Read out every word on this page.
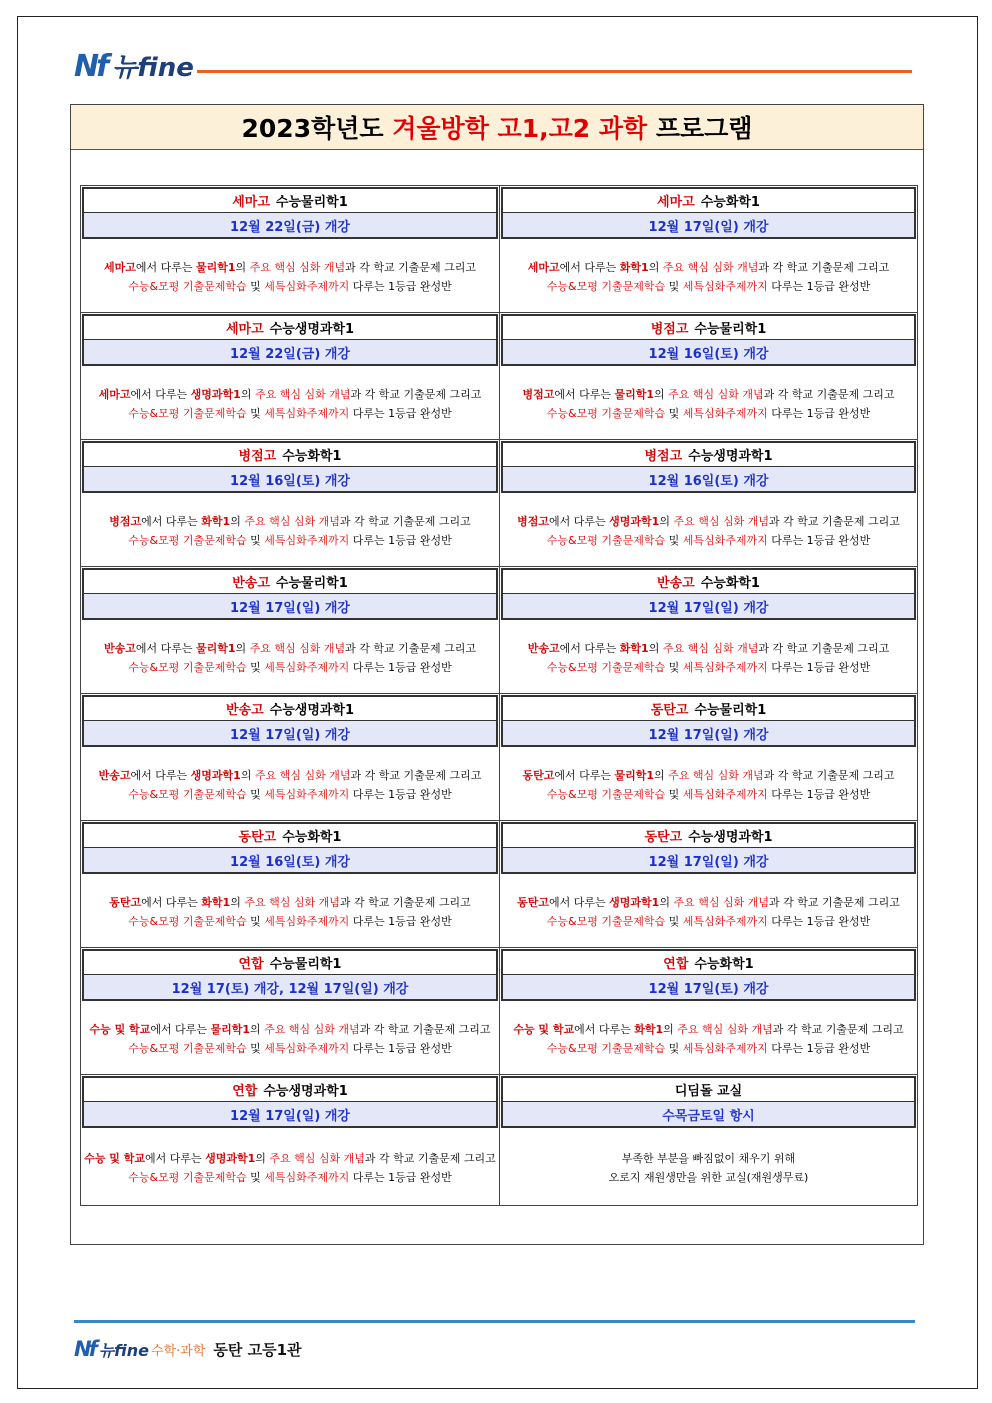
Nf 뉴fine
2023학년도 겨울방학 고1,고2 과학 프로그램
세마고 수능물리학1
12월 22일(금) 개강
세마고에서 다루는 물리학1의 주요 핵심 심화 개념과 각 학교 기출문제 그리고
수능&모평 기출문제학습 및 세특심화주제까지 다루는 1등급 완성반
세마고 수능화학1
12월 17일(일) 개강
세마고에서 다루는 화학1의 주요 핵심 심화 개념과 각 학교 기출문제 그리고
수능&모평 기출문제학습 및 세특심화주제까지 다루는 1등급 완성반
세마고 수능생명과학1
12월 22일(금) 개강
세마고에서 다루는 생명과학1의 주요 핵심 심화 개념과 각 학교 기출문제 그리고
수능&모평 기출문제학습 및 세특심화주제까지 다루는 1등급 완성반
병점고 수능물리학1
12월 16일(토) 개강
병점고에서 다루는 물리학1의 주요 핵심 심화 개념과 각 학교 기출문제 그리고
수능&모평 기출문제학습 및 세특심화주제까지 다루는 1등급 완성반
병점고 수능화학1
12월 16일(토) 개강
병점고에서 다루는 화학1의 주요 핵심 심화 개념과 각 학교 기출문제 그리고
수능&모평 기출문제학습 및 세특심화주제까지 다루는 1등급 완성반
병점고 수능생명과학1
12월 16일(토) 개강
병점고에서 다루는 생명과학1의 주요 핵심 심화 개념과 각 학교 기출문제 그리고
수능&모평 기출문제학습 및 세특심화주제까지 다루는 1등급 완성반
반송고 수능물리학1
12월 17일(일) 개강
반송고에서 다루는 물리학1의 주요 핵심 심화 개념과 각 학교 기출문제 그리고
수능&모평 기출문제학습 및 세특심화주제까지 다루는 1등급 완성반
반송고 수능화학1
12월 17일(일) 개강
반송고에서 다루는 화학1의 주요 핵심 심화 개념과 각 학교 기출문제 그리고
수능&모평 기출문제학습 및 세특심화주제까지 다루는 1등급 완성반
반송고 수능생명과학1
12월 17일(일) 개강
반송고에서 다루는 생명과학1의 주요 핵심 심화 개념과 각 학교 기출문제 그리고
수능&모평 기출문제학습 및 세특심화주제까지 다루는 1등급 완성반
동탄고 수능물리학1
12월 17일(일) 개강
동탄고에서 다루는 물리학1의 주요 핵심 심화 개념과 각 학교 기출문제 그리고
수능&모평 기출문제학습 및 세특심화주제까지 다루는 1등급 완성반
동탄고 수능화학1
12월 16일(토) 개강
동탄고에서 다루는 화학1의 주요 핵심 심화 개념과 각 학교 기출문제 그리고
수능&모평 기출문제학습 및 세특심화주제까지 다루는 1등급 완성반
동탄고 수능생명과학1
12월 17일(일) 개강
동탄고에서 다루는 생명과학1의 주요 핵심 심화 개념과 각 학교 기출문제 그리고
수능&모평 기출문제학습 및 세특심화주제까지 다루는 1등급 완성반
연합 수능물리학1
12월 17(토) 개강, 12월 17일(일) 개강
수능 및 학교에서 다루는 물리학1의 주요 핵심 심화 개념과 각 학교 기출문제 그리고
수능&모평 기출문제학습 및 세특심화주제까지 다루는 1등급 완성반
연합 수능화학1
12월 17일(토) 개강
수능 및 학교에서 다루는 화학1의 주요 핵심 심화 개념과 각 학교 기출문제 그리고
수능&모평 기출문제학습 및 세특심화주제까지 다루는 1등급 완성반
연합 수능생명과학1
12월 17일(일) 개강
수능 및 학교에서 다루는 생명과학1의 주요 핵심 심화 개념과 각 학교 기출문제 그리고
수능&모평 기출문제학습 및 세특심화주제까지 다루는 1등급 완성반
디딤돌 교실
수목금토일 항시
부족한 부분을 빠짐없이 채우기 위해
오로지 재원생만을 위한 교실(재원생무료)
Nf 뉴fine 수학·과학 동탄 고등1관
